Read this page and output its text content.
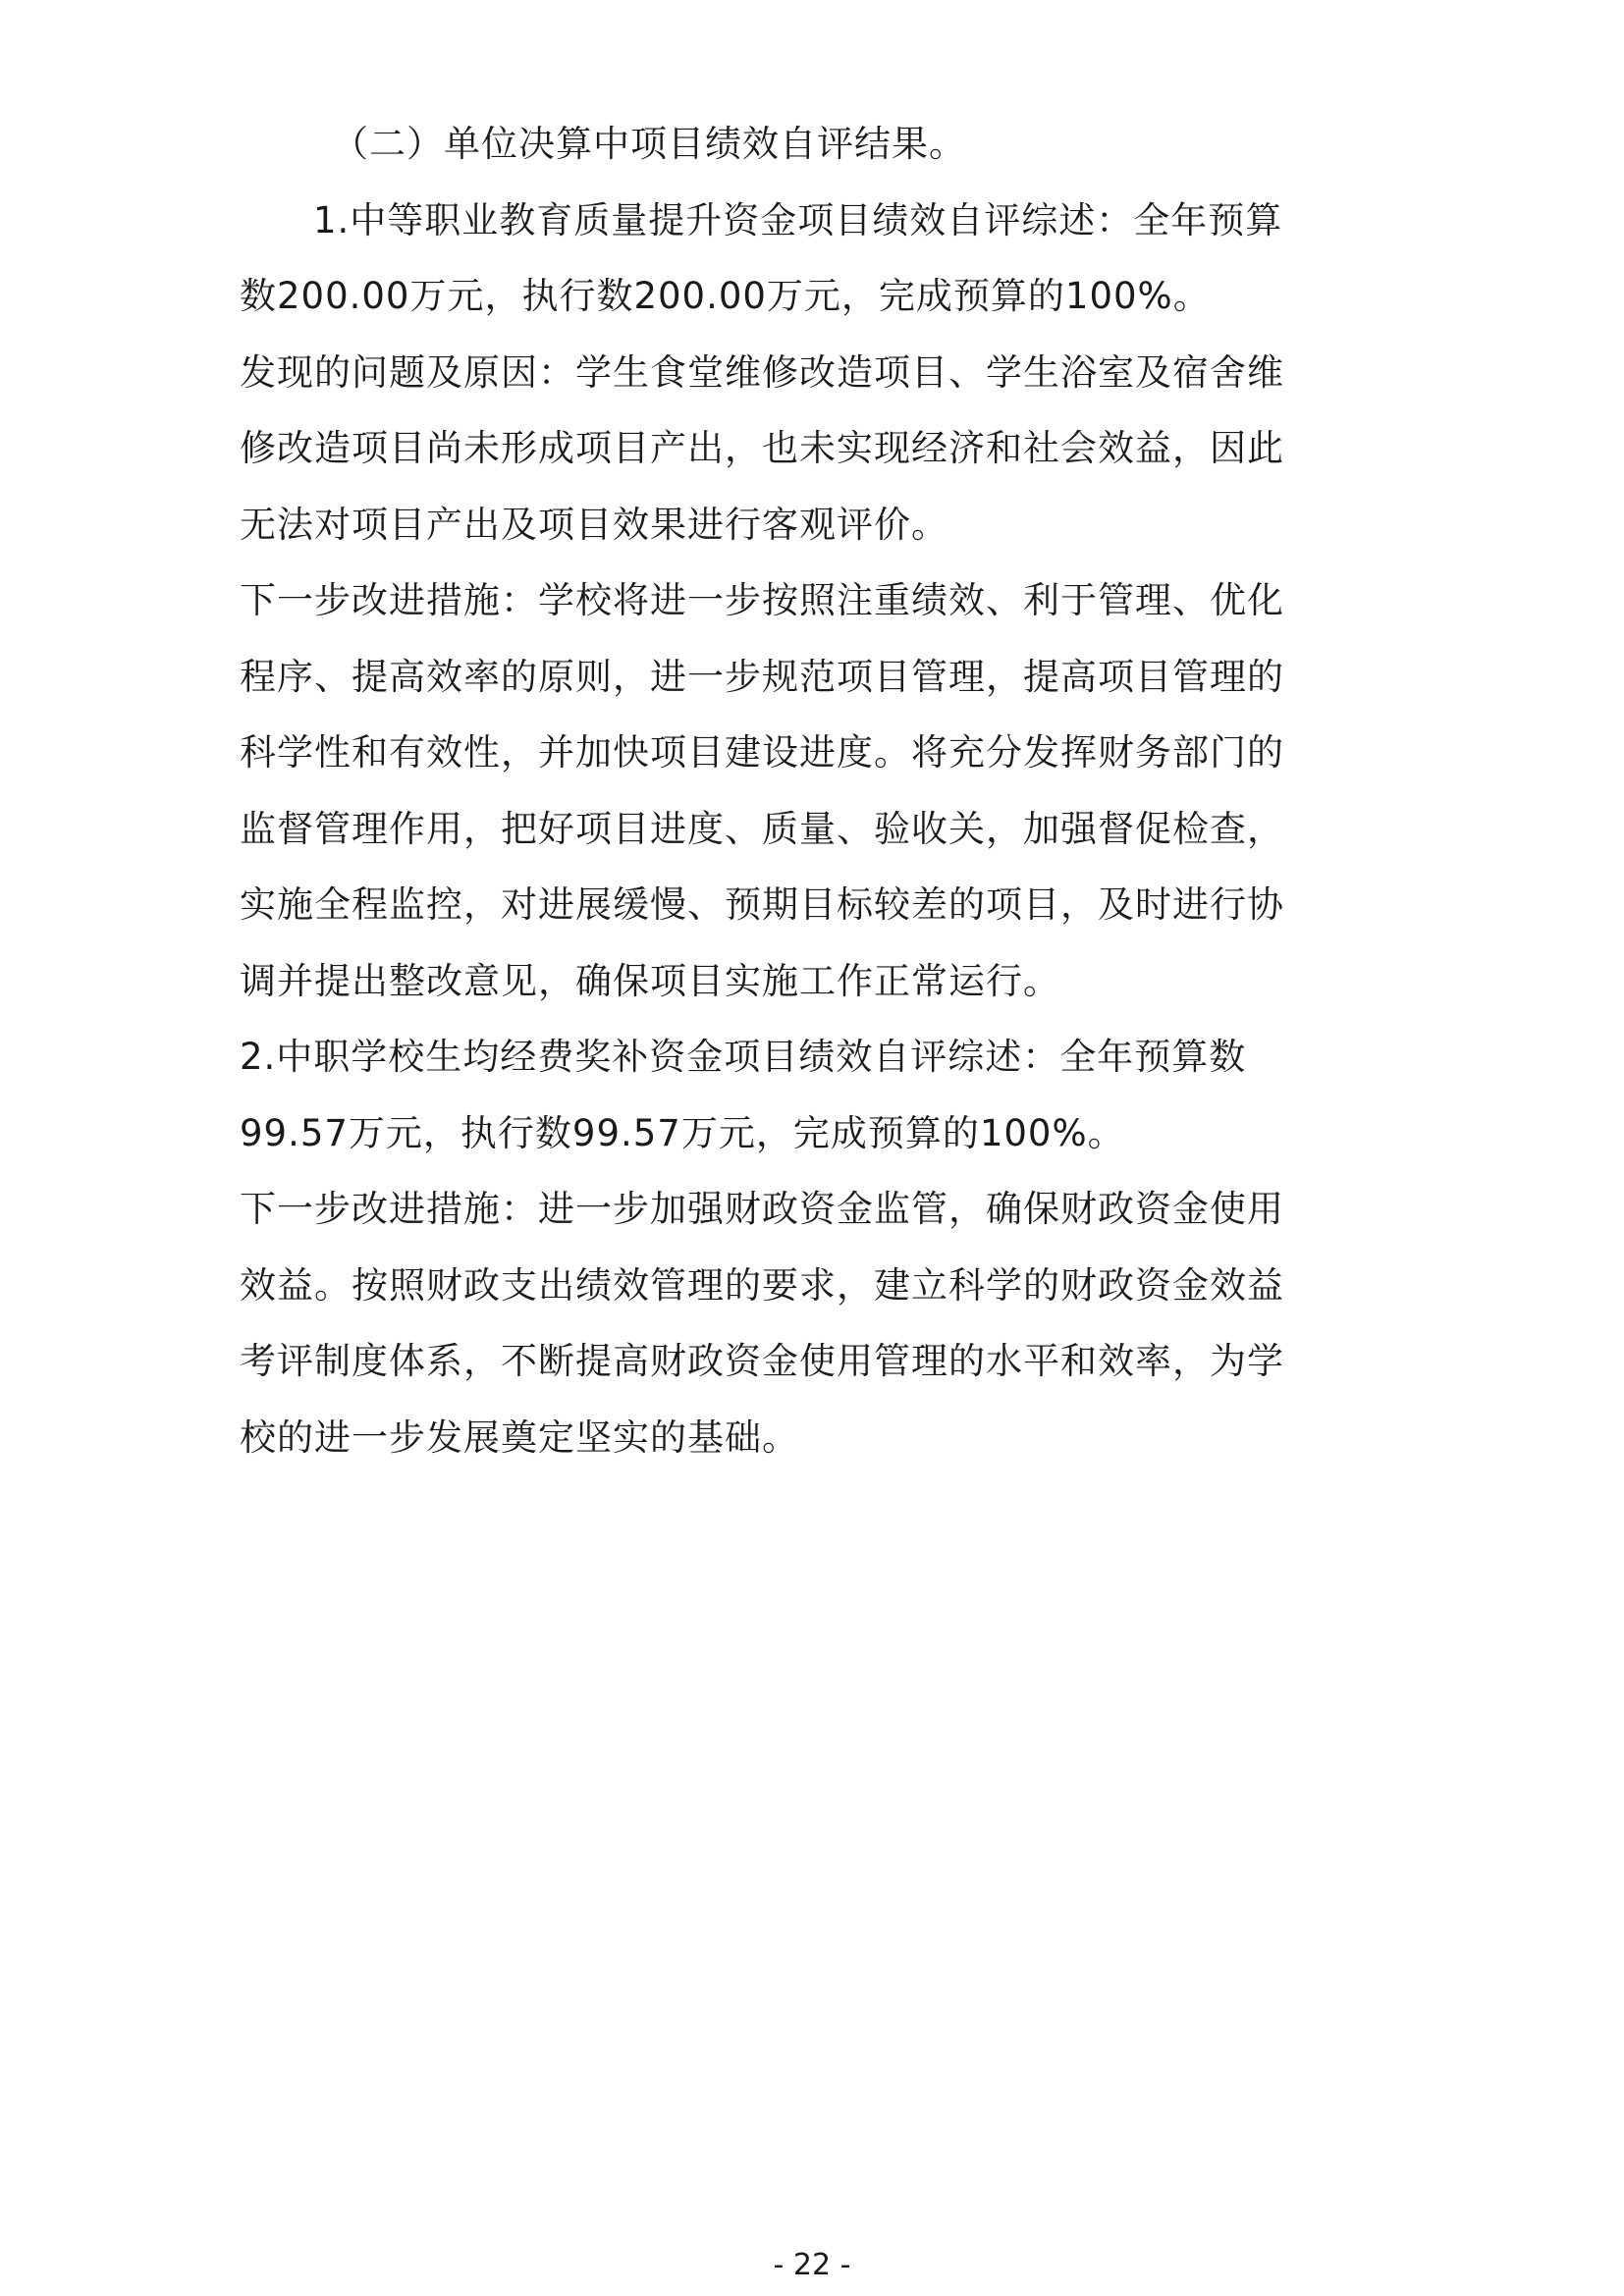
（二）单位决算中项目绩效自评结果。
1.中等职业教育质量提升资金项目绩效自评综述：全年预算
数200.00万元，执行数200.00万元，完成预算的100%。
发现的问题及原因：学生食堂维修改造项目、学生浴室及宿舍维
修改造项目尚未形成项目产出，也未实现经济和社会效益，因此
无法对项目产出及项目效果进行客观评价。
下一步改进措施：学校将进一步按照注重绩效、利于管理、优化
程序、提高效率的原则，进一步规范项目管理，提高项目管理的
科学性和有效性，并加快项目建设进度。将充分发挥财务部门的
监督管理作用，把好项目进度、质量、验收关，加强督促检查，
实施全程监控，对进展缓慢、预期目标较差的项目，及时进行协
调并提出整改意见，确保项目实施工作正常运行。
2.中职学校生均经费奖补资金项目绩效自评综述：全年预算数
99.57万元，执行数99.57万元，完成预算的100%。
下一步改进措施：进一步加强财政资金监管，确保财政资金使用
效益。按照财政支出绩效管理的要求，建立科学的财政资金效益
考评制度体系，不断提高财政资金使用管理的水平和效率，为学
校的进一步发展奠定坚实的基础。
- 22 -
